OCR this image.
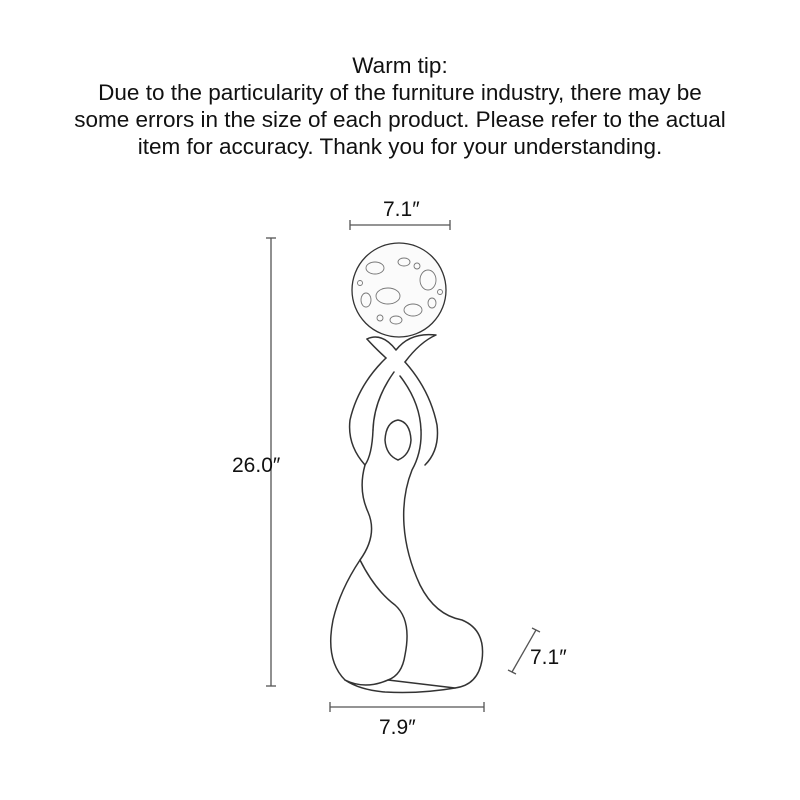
Warm tip:
Due to the particularity of the furniture industry, there may be
some errors in the size of each product. Please refer to the actual
item for accuracy. Thank you for your understanding.
7.1″
26.0″
7.1″
7.9″
